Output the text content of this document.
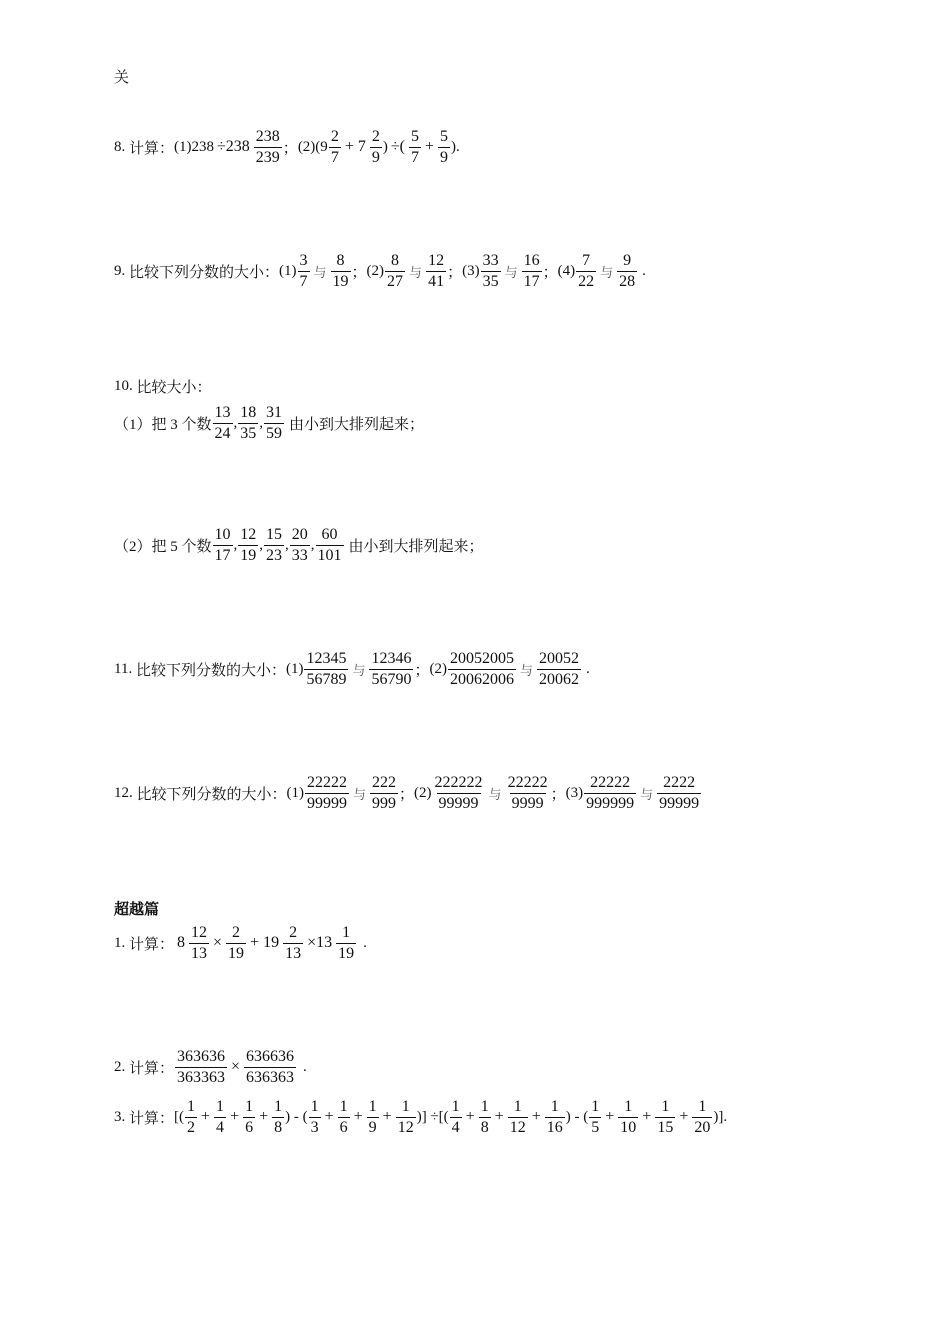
关
8.
计算： $(1)238 \div 238 \frac{238}{239}$ ； $(2)(9 \frac{2}{7} + 7 \frac{2}{9}$ ) ÷( $\frac{5}{7} + \frac{5}{9}$ ).
9.
比较下列分数的大小： $(1) \frac{3}{7}$ 与 $\frac{8}{19}$ ； $(2) \frac{8}{27}$ 与 $\frac{12}{41}$ ； $(3) \frac{33}{35}$ 与 $\frac{16}{17}$ ； $(4) \frac{7}{22}$ 与 $\frac{9}{28}$ .
10.
比较大小：
（1）把 3 个数 $\frac{13}{24}$ , $\frac{18}{35}$ , $\frac{31}{59}$ 由小到大排列起来；
（2）把 5 个数 $\frac{10}{17}$ , $\frac{12}{19}$ , $\frac{15}{23}$ , $\frac{20}{33}$ , $\frac{60}{101}$ 由小到大排列起来；
11.
比较下列分数的大小： $(1) \frac{12345}{56789}$ 与 $\frac{12346}{56790}$ ； $(2) \frac{20052005}{20062006}$ 与 $\frac{20052}{20062}$ .
12.
比较下列分数的大小： $(1) \frac{22222}{99999}$ 与 $\frac{222}{999}$ ； $(2) \frac{222222}{99999}$ 与 $\frac{22222}{9999}$ ； $(3) \frac{22222}{999999}$ 与 $\frac{2222}{99999}$
超越篇
1.
计算： $8 \frac{12}{13} \times \frac{2}{19} + 19 \frac{2}{13} \times 13 \frac{1}{19}$ .
2.
计算： $\frac{363636}{363363} \times \frac{636636}{636363}$ .
3.
计算： [( $\frac{1}{2} + \frac{1}{4} + \frac{1}{6} + \frac{1}{8}$ ) - ( $\frac{1}{3} + \frac{1}{6} + \frac{1}{9} + \frac{1}{12}$ )] ÷[( $\frac{1}{4} + \frac{1}{8} + \frac{1}{12} + \frac{1}{16}$ ) - ( $\frac{1}{5} + \frac{1}{10} + \frac{1}{15} + \frac{1}{20}$ )].
